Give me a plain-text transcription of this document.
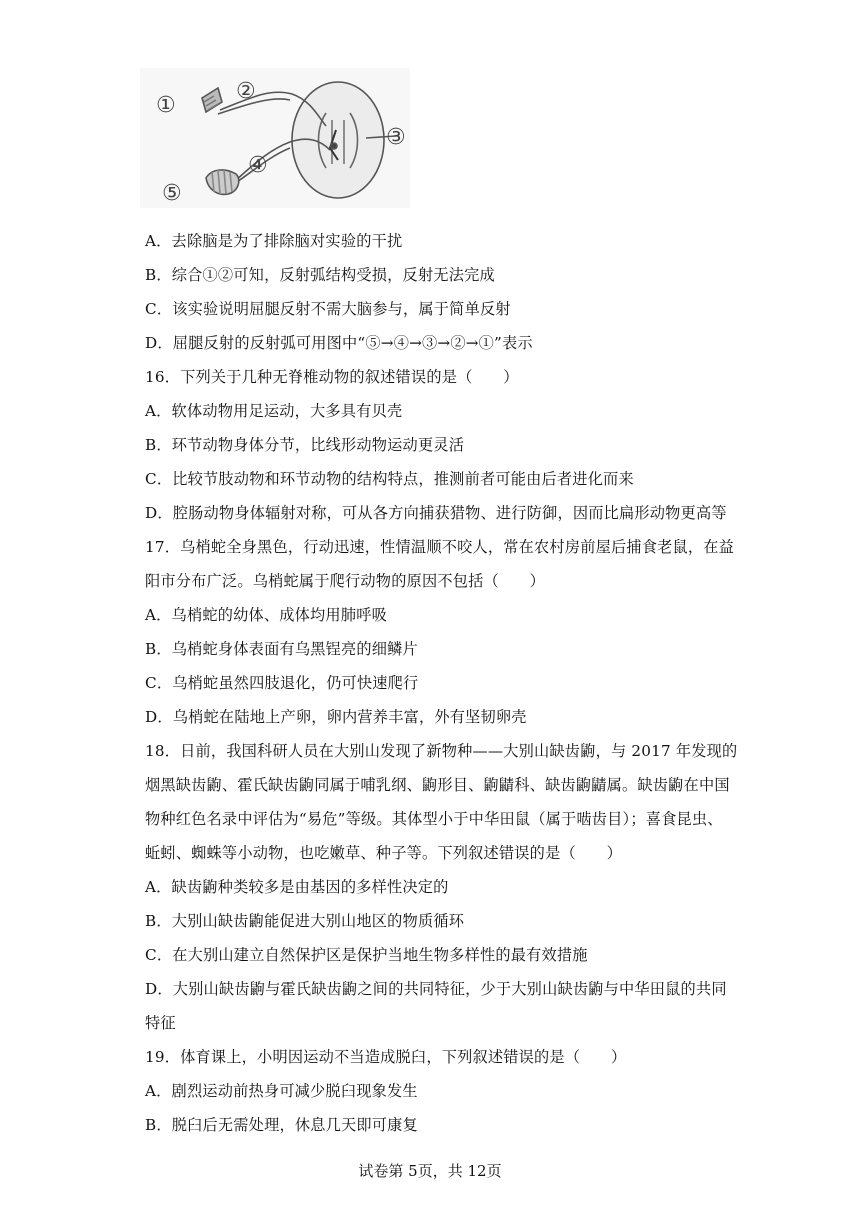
①
②
③
④
⑤
A．去除脑是为了排除脑对实验的干扰
B．综合①②可知，反射弧结构受损，反射无法完成
C．该实验说明屈腿反射不需大脑参与，属于简单反射
D．屈腿反射的反射弧可用图中“⑤→④→③→②→①”表示
16．下列关于几种无脊椎动物的叙述错误的是（　　）
A．软体动物用足运动，大多具有贝壳
B．环节动物身体分节，比线形动物运动更灵活
C．比较节肢动物和环节动物的结构特点，推测前者可能由后者进化而来
D．腔肠动物身体辐射对称，可从各方向捕获猎物、进行防御，因而比扁形动物更高等
17．乌梢蛇全身黑色，行动迅速，性情温顺不咬人，常在农村房前屋后捕食老鼠，在益
阳市分布广泛。乌梢蛇属于爬行动物的原因不包括（　　）
A．乌梢蛇的幼体、成体均用肺呼吸
B．乌梢蛇身体表面有乌黑锃亮的细鳞片
C．乌梢蛇虽然四肢退化，仍可快速爬行
D．乌梢蛇在陆地上产卵，卵内营养丰富，外有坚韧卵壳
18．日前，我国科研人员在大别山发现了新物种——大别山缺齿鼩，与 2017 年发现的
烟黑缺齿鼩、霍氏缺齿鼩同属于哺乳纲、鼩形目、鼩鼱科、缺齿鼩鼱属。缺齿鼩在中国
物种红色名录中评估为“易危”等级。其体型小于中华田鼠（属于啮齿目）；喜食昆虫、
蚯蚓、蜘蛛等小动物，也吃嫩草、种子等。下列叙述错误的是（　　）
A．缺齿鼩种类较多是由基因的多样性决定的
B．大别山缺齿鼩能促进大别山地区的物质循环
C．在大别山建立自然保护区是保护当地生物多样性的最有效措施
D．大别山缺齿鼩与霍氏缺齿鼩之间的共同特征，少于大别山缺齿鼩与中华田鼠的共同
特征
19．体育课上，小明因运动不当造成脱臼，下列叙述错误的是（　　）
A．剧烈运动前热身可减少脱臼现象发生
B．脱臼后无需处理，休息几天即可康复
试卷第 5页，共 12页
